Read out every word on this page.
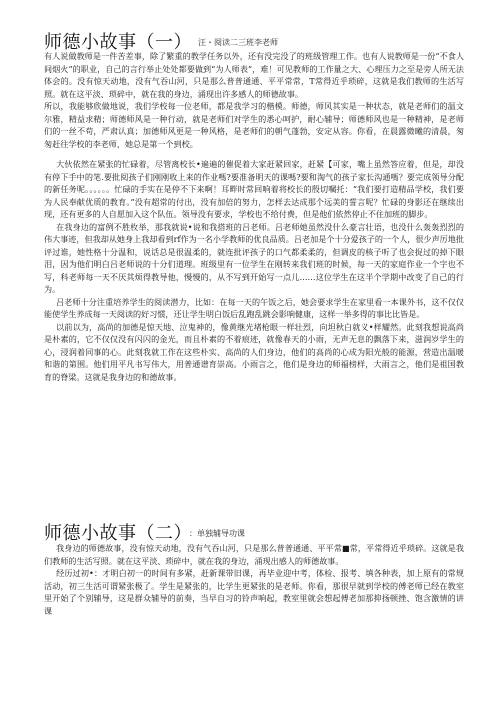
师德小故事（一） $^{汪・阅读二三班李老师}$

有人说做教师是一件苦差事，除了繁重的教学任务以外，还有没完没了的班级管理工作。也有人说教师是一份“不食人间烟火”的职业，自己的言行举止处处都要做到“为人师表”，难！可见教师的工作量之大、心理压力之至是旁人所无法体会的。没有惊天动地，没有气吞山河，只是那么普普通通、平平常常，T常得近乎琐碎，这就是我们教师的生活写照。就在这平淡、琐碎中，就在我的身边，涌现出许多感人的师德故事。

所以，我能够欣做地说，我们学校每一位老师，都是我学习的楷模。师德，师风其实是一种状态，就是老师们的温文尔雅，精益求精；师德师风是一种行动，就是老师们对学生的悉心呵护，耐心辅导；师德师风也是一种精神，是老师们的一丝不苟，严肃认真；加德师风更是一种风格，是老师们的朝气蓬勃，安定从容。你看，在晨露微曦的清晨，匆匆赶往学校的李老师，她总是第一个到校。

大伙依然在紧张的忙碌着，尽管离校长•遍遍的催促着大家赶紧回家，赶紧【可家，嘴上虽然答应着，但是，却没有停下手中的笔.要批阅孩子们刚刚收上来的作业嗎?要准备明天的课嗎?要和淘气的孩子家长沟通嗎？要完成领导分配的新任务呢。。。。。。忙碌的手实在是停不下来啊！耳畔时常回响着将校长的殷切嘱托：“我们要打造精品学校，我们要为人民奉献优质的教育。”没有超常的付出，没有加倍的努力，怎样去达成那个远美的誓言呢？忙碌的身影还在继续出现，还有更多的人自愿加入这个队伍。领导没有要求，学校也不给付费，但是他们依然停止不住加班的脚步。

在我身边的富例不胜枚举，那我就说•说和我搭班的吕老师。吕老师她虽然没什么豪言壮语，也没什么轰轰烈烈的伟大事迹，但我却从她身上我却看到rf作为一名小学教师的优良品质。吕老加是个十分爱孩子的一个人，很少声厉地批评过谁，她性格十分温和，说话总是很温柔的，就连批评孩子的口气都柔柔的，但调皮的核子听了也会捉过的掉下眼泪，因为他们明白吕老师说的十分们道理。班级里有一位学生在刚转来我们班的时候，每一天的家庭作业一个字也不写，科老师每一天不厌其烦得教导他，慢慢的，从不写到开始写一点儿……这位学生在这半个学期中改变了自己的行为。

吕老师十分注重培养学生的阅读潜力，比如：在每一天的午饭之后，她会要求学生在家里看一本课外书，这不仅仅能使学生养成每一天阅读的好习惯，还让学生明白饭后乱跑乱跳会影响健康，这样一举多得的事比比皆是。

以前以为，高尚的加德是惊天地、泣鬼神的，像黄继光堵枪眼一样壮烈，向坦秋白就义•样耀然。此刻我想说高尚是朴素的，它不仅仅没有闪闪的金光，而且朴素的不着痕迹，就像春天的小雨，无声无息的飘落下来，滋润岁学生的心，浸润着同事的心。此刻我就工作在这些朴实、高尚的人们身边，他们的高尚的心成为阳光般的能源，营造出温暖和谐的第围。他们用平凡书写伟大，用普通谱育崇高。小雨言之，他们是身边的师福榜样，大雨言之，他们是祖国教育的脊梁。这就是我身边的和德故事。

师德小故事（二） $^{:单独辅导功课}$

我身边的师德故事，没有惊天动地，没有气吞山河，只是那么普普通通、平平常■常，平常得近乎琐碎。这就是我们教师的生活写照。就在这平淡、琐碎中，就在我的身边，涌现出感人的师德故事。

经历过初•：才明白初一的时间有多紧，赶新课带旧课，再毕业迎中考，体检、报考、填各种表，加上原有的常规活动，初三生活可谓紧张极了。学生是紧张的，比学生更紧张的是老师。你看，那很早就到学校的傅老师已经在教室里开始了个别辅导，这是群众辅导的前奏，当早自习的铃声响起，教室里就会想起傅老加那抑扬顿挫、饱含激情的讲课
